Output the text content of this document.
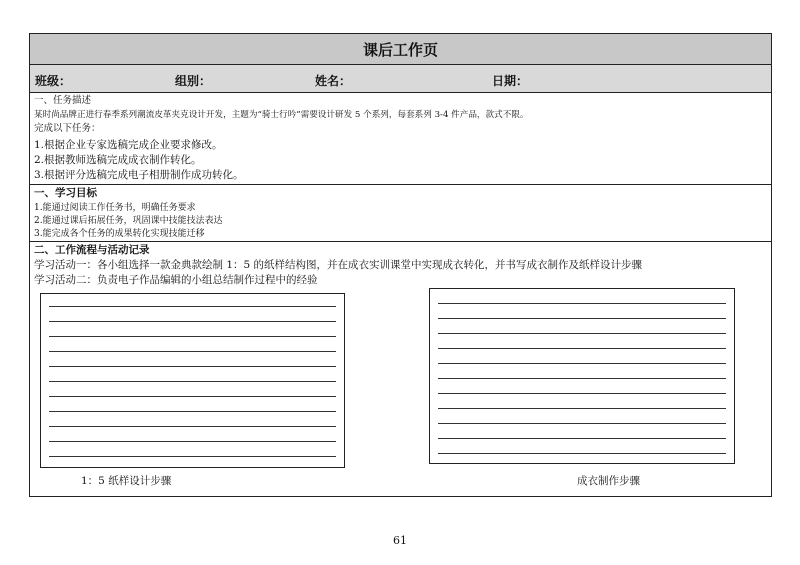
课后工作页
班级：	组别：	姓名：	日期：
一、任务描述
某时尚品牌正进行春季系列潮流皮革夹克设计开发，主题为“骑士行吟”需要设计研发 5 个系列，每套系列 3-4 件产品，款式不限。
完成以下任务：
1.根据企业专家选稿完成企业要求修改。
2.根据教师选稿完成成衣制作转化。
3.根据评分选稿完成电子相册制作成功转化。
一、学习目标
1.能通过阅读工作任务书，明确任务要求
2.能通过课后拓展任务，巩固课中技能技法表达
3.能完成各个任务的成果转化实现技能迁移
二、工作流程与活动记录
学习活动一：各小组选择一款金典款绘制 1：5 的纸样结构图，并在成衣实训课堂中实现成衣转化，并书写成衣制作及纸样设计步骤
学习活动二：负责电子作品编辑的小组总结制作过程中的经验
1：5 纸样设计步骤	成衣制作步骤
61
